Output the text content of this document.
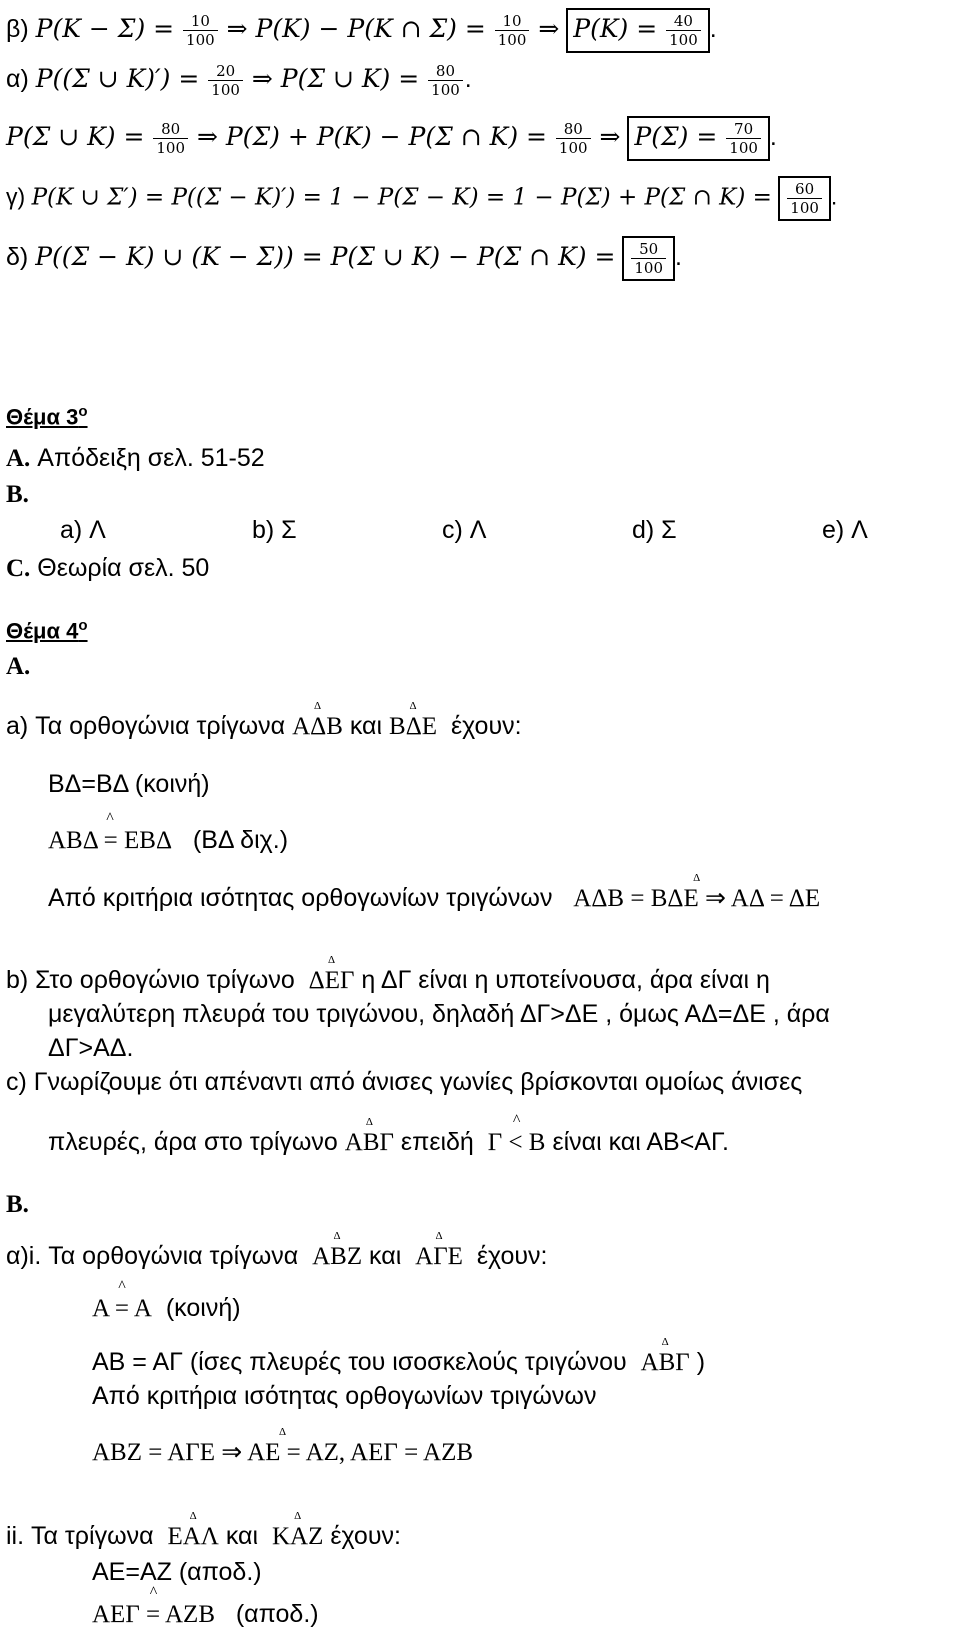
β) $P(K - \Sigma) = \frac{10}{100}$ ⇒ P(K) − P(K ∩ $\Sigma) = \frac{10}{100}$ ⇒ $P(K) = \frac{40}{100}$ .
α) P((Σ ∪ $K)') = \frac{20}{100}$ ⇒ P(Σ ∪ $K) = \frac{80}{100}$ .
P(Σ ∪ $K) = \frac{80}{100}$ ⇒ P(Σ) + P(K) − P(Σ ∩ $K) = \frac{80}{100}$ ⇒ $P(\Sigma) = \frac{70}{100}$ .
γ) P(K ∪ Σ′) = P((Σ − K)′) = 1 − P(Σ − K) = 1 − P(Σ) + P(Σ ∩ $K) = \frac{60}{100}$ .
δ) P((Σ − K) ∪ (K − Σ)) = P(Σ ∪ K) − P(Σ ∩ $K) = \frac{50}{100}$ .
Θέμα $3^o$
A. Απόδειξη σελ. 51-52
B.
a) Λ	b) Σ	c) Λ	d) Σ	e) Λ
C. Θεωρία σελ. 50
Θέμα $4^o$
A.
a) Τα ορθογώνια τρίγωνα Δ ΑΔΒ και Δ ΒΔΕ έχουν:
ΒΔ=ΒΔ (κοινή)
^ ΑΒΔ = ΕΒΔ (ΒΔ διχ.)
Από κριτήρια ισότητας ορθογωνίων τριγώνων Δ ΑΔΒ = ΒΔΕ ⇒ ΑΔ = ΔΕ
b) Στο ορθογώνιο τρίγωνο Δ ΔΕΓ η ΔΓ είναι η υποτείνουσα, άρα είναι η
μεγαλύτερη πλευρά του τριγώνου, δηλαδή ΔΓ>ΔΕ , όμως ΑΔ=ΔΕ , άρα
ΔΓ>ΑΔ.
c) Γνωρίζουμε ότι απέναντι από άνισες γωνίες βρίσκονται ομοίως άνισες
πλευρές, άρα στο τρίγωνο Δ ΑΒΓ επειδή ^ Γ < Β είναι και ΑΒ<ΑΓ.
B.
α)i. Τα ορθογώνια τρίγωνα Δ ΑΒΖ και Δ ΑΓΕ έχουν:
^ Α = Α (κοινή)
ΑΒ = ΑΓ (ίσες πλευρές του ισοσκελούς τριγώνου Δ ΑΒΓ )
Από κριτήρια ισότητας ορθογωνίων τριγώνων
Δ ΑΒΖ = ΑΓΕ ⇒ ΑΕ = ΑΖ, ΑΕΓ = ΑΖΒ
ii. Τα τρίγωνα Δ ΕΑΛ και Δ ΚΑΖ έχουν:
ΑΕ=ΑΖ (αποδ.)
^ ΑΕΓ = ΑΖΒ (αποδ.)
